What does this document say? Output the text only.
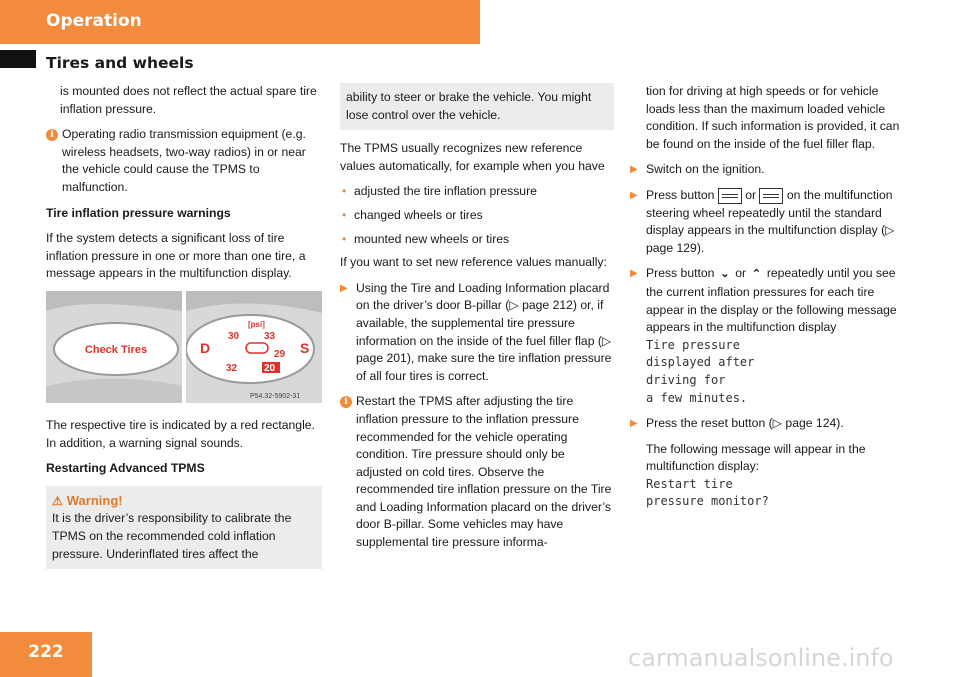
Operation
Tires and wheels

is mounted does not reflect the actual spare tire inflation pressure.

i Operating radio transmission equipment (e.g. wireless headsets, two-way radios) in or near the vehicle could cause the TPMS to malfunction.

Tire inflation pressure warnings

If the system detects a significant loss of tire inflation pressure in one or more than one tire, a message appears in the multifunction display.

Check Tires	D	S
[psi]
30 33
32
29
20
P54.32-5902-31

The respective tire is indicated by a red rectangle. In addition, a warning signal sounds.

Restarting Advanced TPMS

⚠ Warning!
It is the driver’s responsibility to calibrate the TPMS on the recommended cold inflation pressure. Underinflated tires affect the
ability to steer or brake the vehicle. You might lose control over the vehicle.

The TPMS usually recognizes new reference values automatically, for example when you have

• adjusted the tire inflation pressure

• changed wheels or tires

• mounted new wheels or tires

If you want to set new reference values manually:

▶ Using the Tire and Loading Information placard on the driver’s door B-pillar (▷ page 212) or, if available, the supplemental tire pressure information on the inside of the fuel filler flap (▷ page 201), make sure the tire inflation pressure of all four tires is correct.

i Restart the TPMS after adjusting the tire inflation pressure to the inflation pressure recommended for the vehicle operating condition. Tire pressure should only be adjusted on cold tires. Observe the recommended tire inflation pressure on the Tire and Loading Information placard on the driver’s door B-pillar. Some vehicles may have supplemental tire pressure informa-

tion for driving at high speeds or for vehicle loads less than the maximum loaded vehicle condition. If such information is provided, it can be found on the inside of the fuel filler flap.

▶ Switch on the ignition.

▶ Press button	or	on the multifunction steering wheel repeatedly until the standard display appears in the multifunction display (▷ page 129).

▶ Press button ⌄ or ⌃ repeatedly until you see the current inflation pressures for each tire appear in the display or the following message appears in the multifunction display
Tire pressure
displayed after
driving for
a few minutes.

▶ Press the reset button (▷ page 124).

The following message will appear in the multifunction display:

Restart tire
pressure monitor?

222	carmanualsonline.info
